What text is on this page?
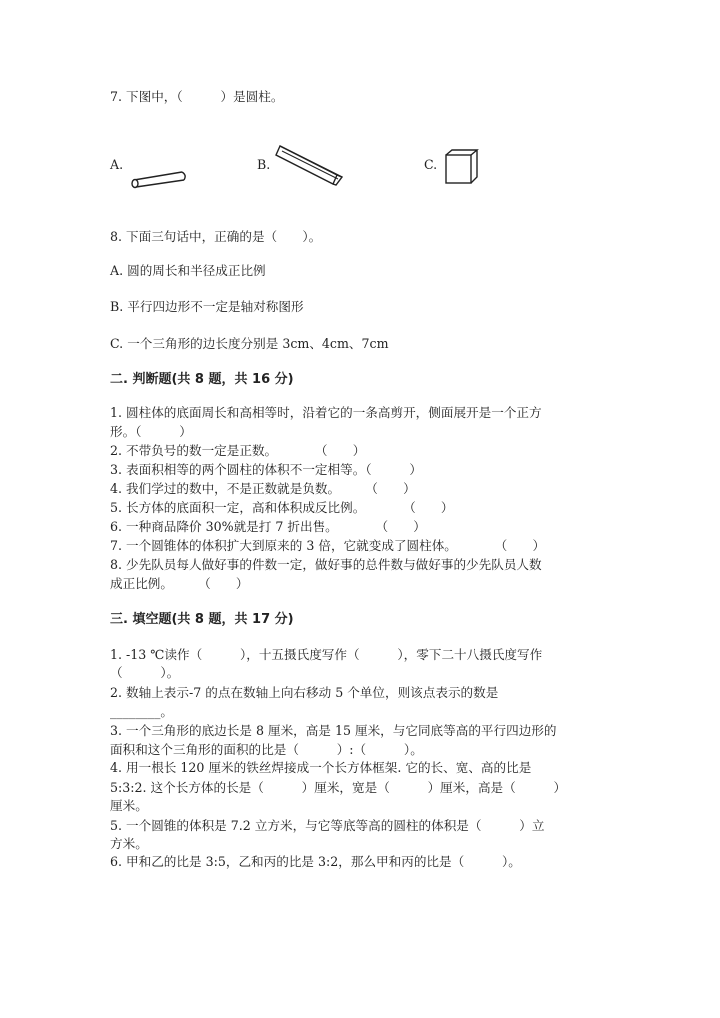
7. 下图中，（　　　）是圆柱。
A.	B.	C.
8. 下面三句话中，正确的是（　　）。
A. 圆的周长和半径成正比例
B. 平行四边形不一定是轴对称图形
C. 一个三角形的边长度分别是 3cm、4cm、7cm
二. 判断题(共 8 题，共 16 分)
1. 圆柱体的底面周长和高相等时，沿着它的一条高剪开，侧面展开是一个正方
形。（　　　）
2. 不带负号的数一定是正数。　　　　（　　）
3. 表面积相等的两个圆柱的体积不一定相等。（　　　）
4. 我们学过的数中，不是正数就是负数。　　　（　　）
5. 长方体的底面积一定，高和体积成反比例。　　　　（　　）
6. 一种商品降价 30%就是打 7 折出售。　　　　（　　）
7. 一个圆锥体的体积扩大到原来的 3 倍，它就变成了圆柱体。　　　　（　　）
8. 少先队员每人做好事的件数一定，做好事的总件数与做好事的少先队员人数
成正比例。　　　（　　）
三. 填空题(共 8 题，共 17 分)
1. -13 ℃读作（　　　），十五摄氏度写作（　　　），零下二十八摄氏度写作
（　　　）。
2. 数轴上表示-7 的点在数轴上向右移动 5 个单位，则该点表示的数是
________。
3. 一个三角形的底边长是 8 厘米，高是 15 厘米，与它同底等高的平行四边形的
面积和这个三角形的面积的比是（　　　）:（　　　）。
4. 用一根长 120 厘米的铁丝焊接成一个长方体框架. 它的长、宽、高的比是
5:3:2. 这个长方体的长是（　　　）厘米，宽是（　　　）厘米，高是（　　　）
厘米。
5. 一个圆锥的体积是 7.2 立方米，与它等底等高的圆柱的体积是（　　　）立
方米。
6. 甲和乙的比是 3:5，乙和丙的比是 3:2，那么甲和丙的比是（　　　）。
